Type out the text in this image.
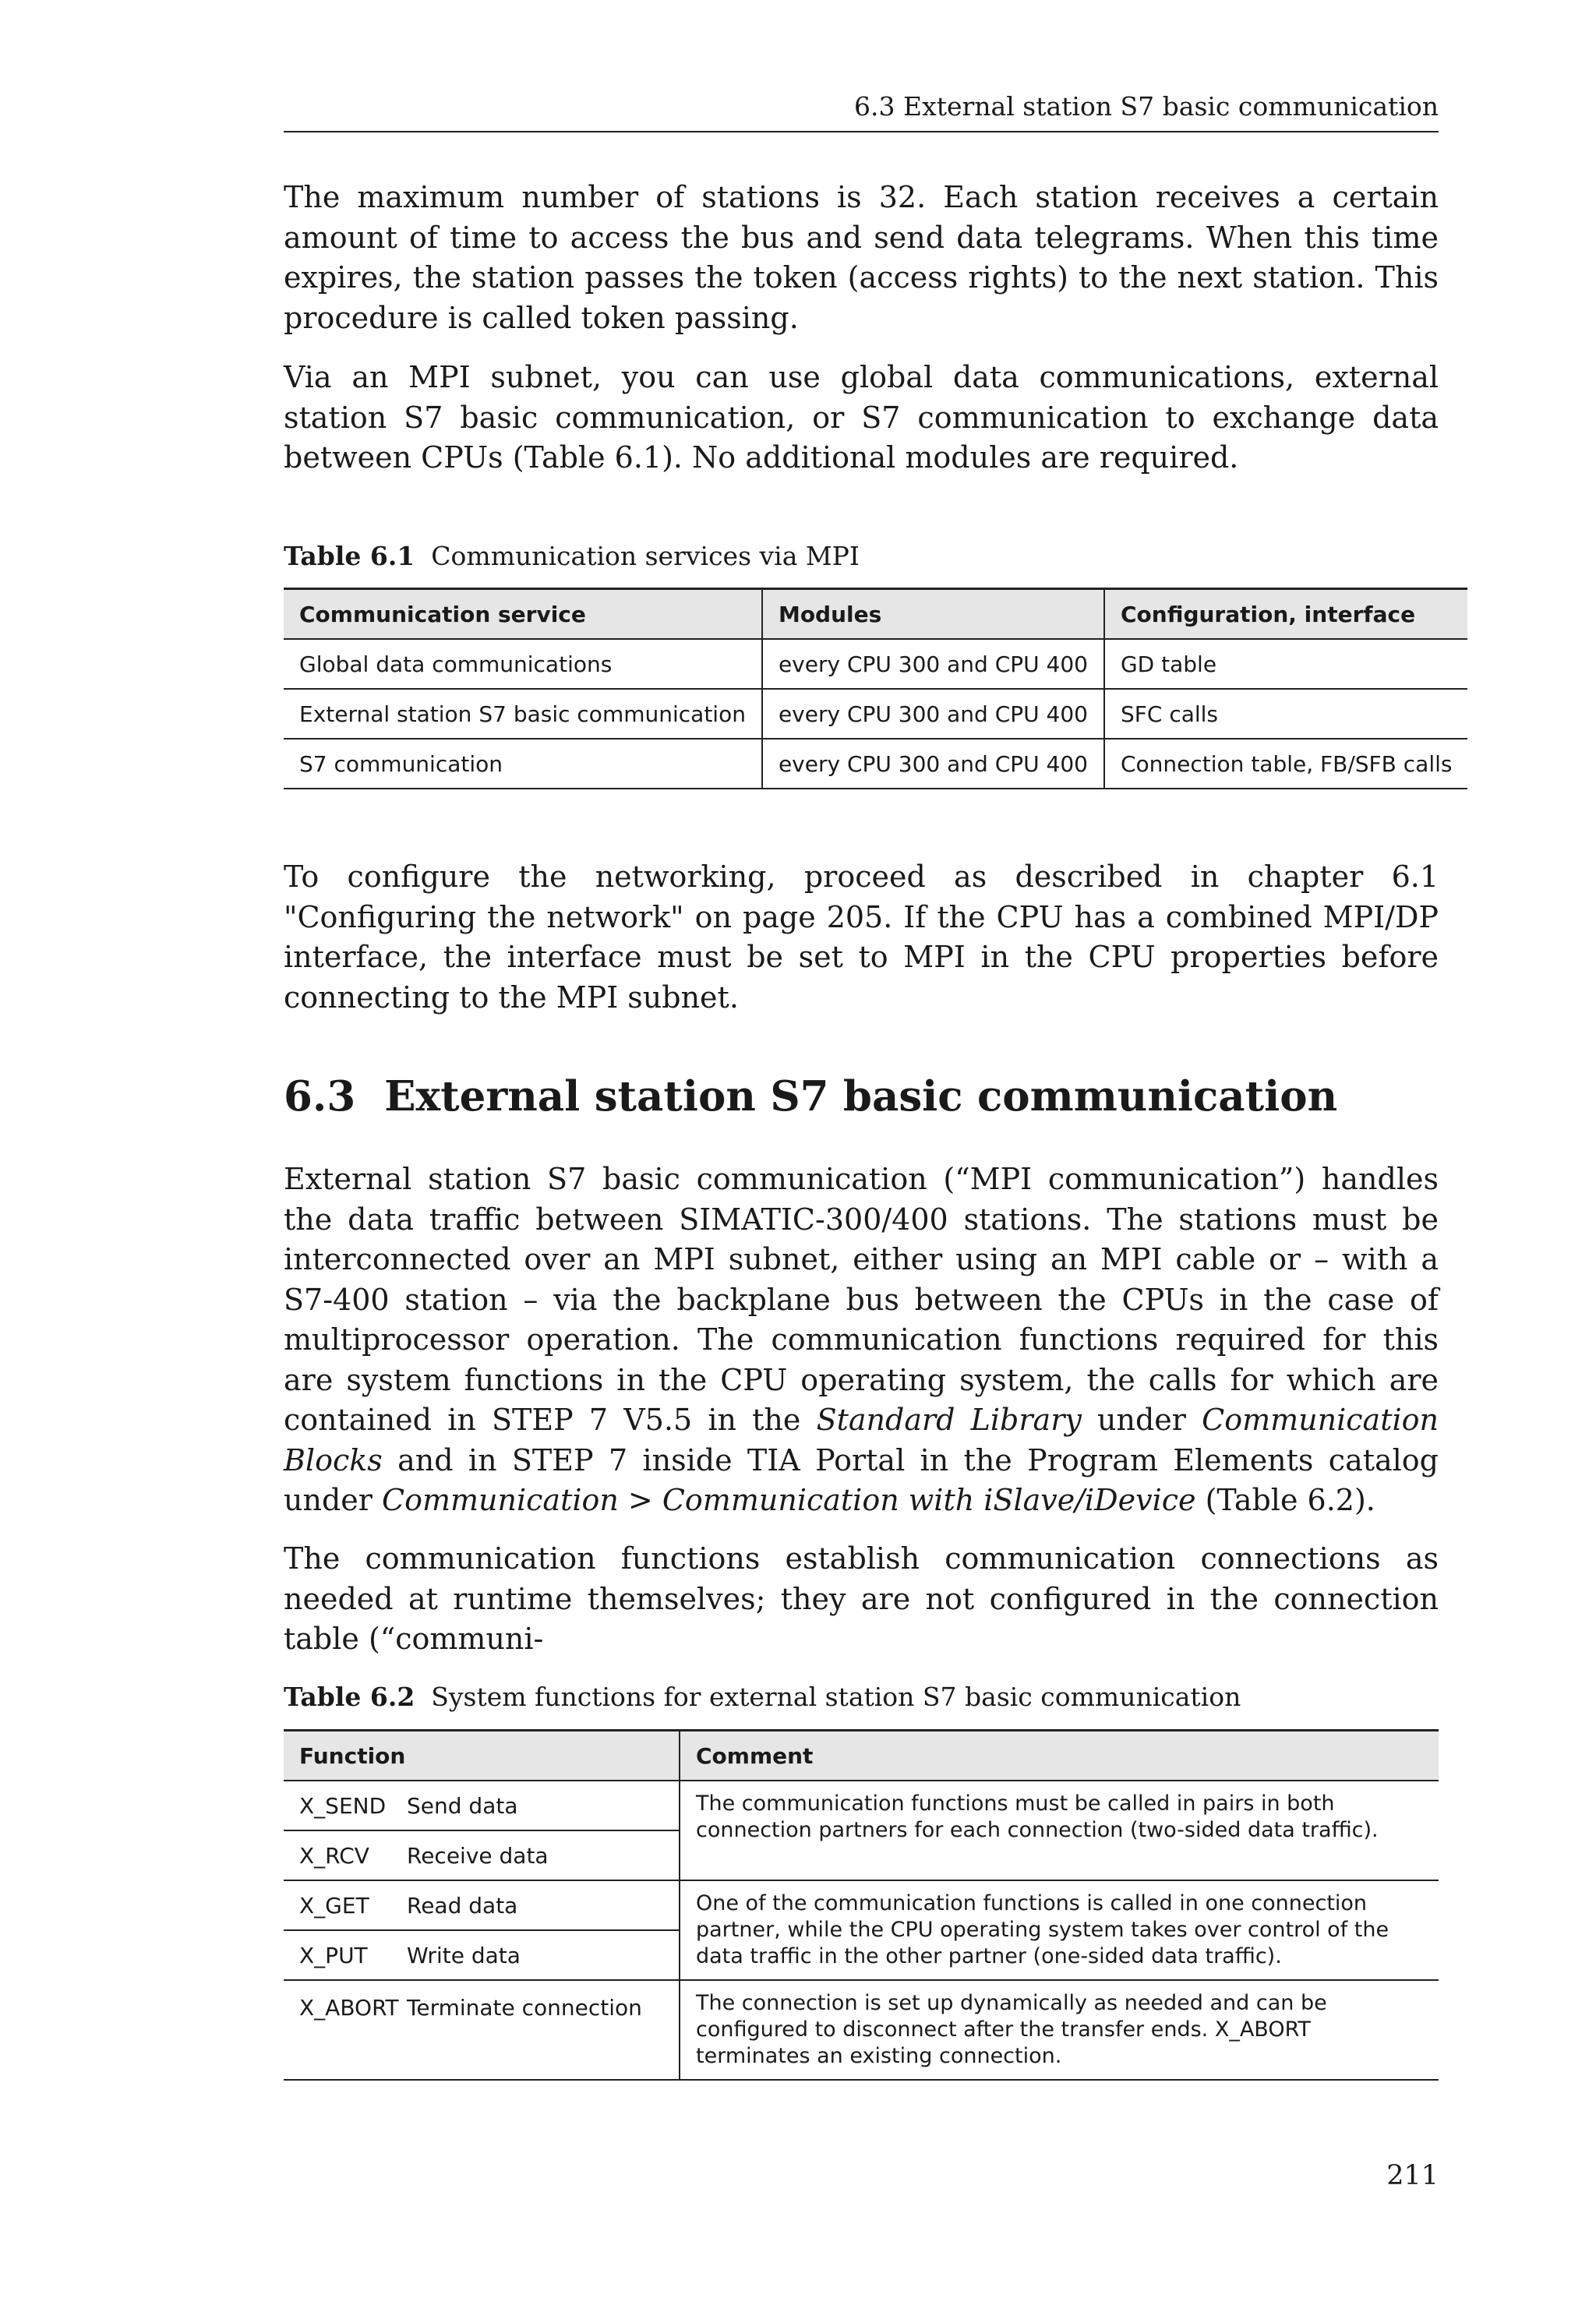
6.3 External station S7 basic communication

The maximum number of stations is 32. Each station receives a certain amount of time to access the bus and send data telegrams. When this time expires, the station passes the token (access rights) to the next station. This procedure is called token passing.

Via an MPI subnet, you can use global data communications, external station S7 basic communication, or S7 communication to exchange data between CPUs (Table 6.1). No additional modules are required.

Table 6.1 Communication services via MPI
Communication service	Modules	Configuration, interface
Global data communications	every CPU 300 and CPU 400	GD table
External station S7 basic communication	every CPU 300 and CPU 400	SFC calls
S7 communication	every CPU 300 and CPU 400	Connection table, FB/SFB calls

To configure the networking, proceed as described in chapter 6.1 "Configuring the network" on page 205. If the CPU has a combined MPI/DP interface, the interface must be set to MPI in the CPU properties before connecting to the MPI subnet.

6.3 External station S7 basic communication

External station S7 basic communication (“MPI communication”) handles the data traffic between SIMATIC-300/400 stations. The stations must be interconnected over an MPI subnet, either using an MPI cable or – with a S7-400 station – via the backplane bus between the CPUs in the case of multiprocessor operation. The communication functions required for this are system functions in the CPU operating system, the calls for which are contained in STEP 7 V5.5 in the Standard Library under Communication Blocks and in STEP 7 inside TIA Portal in the Program Elements catalog under Communication > Communication with iSlave/iDevice (Table 6.2).

The communication functions establish communication connections as needed at runtime themselves; they are not configured in the connection table (“communi-

Table 6.2 System functions for external station S7 basic communication
Function		Comment
X_SEND	Send data	The communication functions must be called in pairs in both connection partners for each connection (two-sided data traffic).
X_RCV	Receive data	
X_GET	Read data	One of the communication functions is called in one connection partner, while the CPU operating system takes over control of the data traffic in the other partner (one-sided data traffic).
X_PUT	Write data	
X_ABORT	Terminate connection	The connection is set up dynamically as needed and can be configured to disconnect after the transfer ends. X_ABORT terminates an existing connection.
211
